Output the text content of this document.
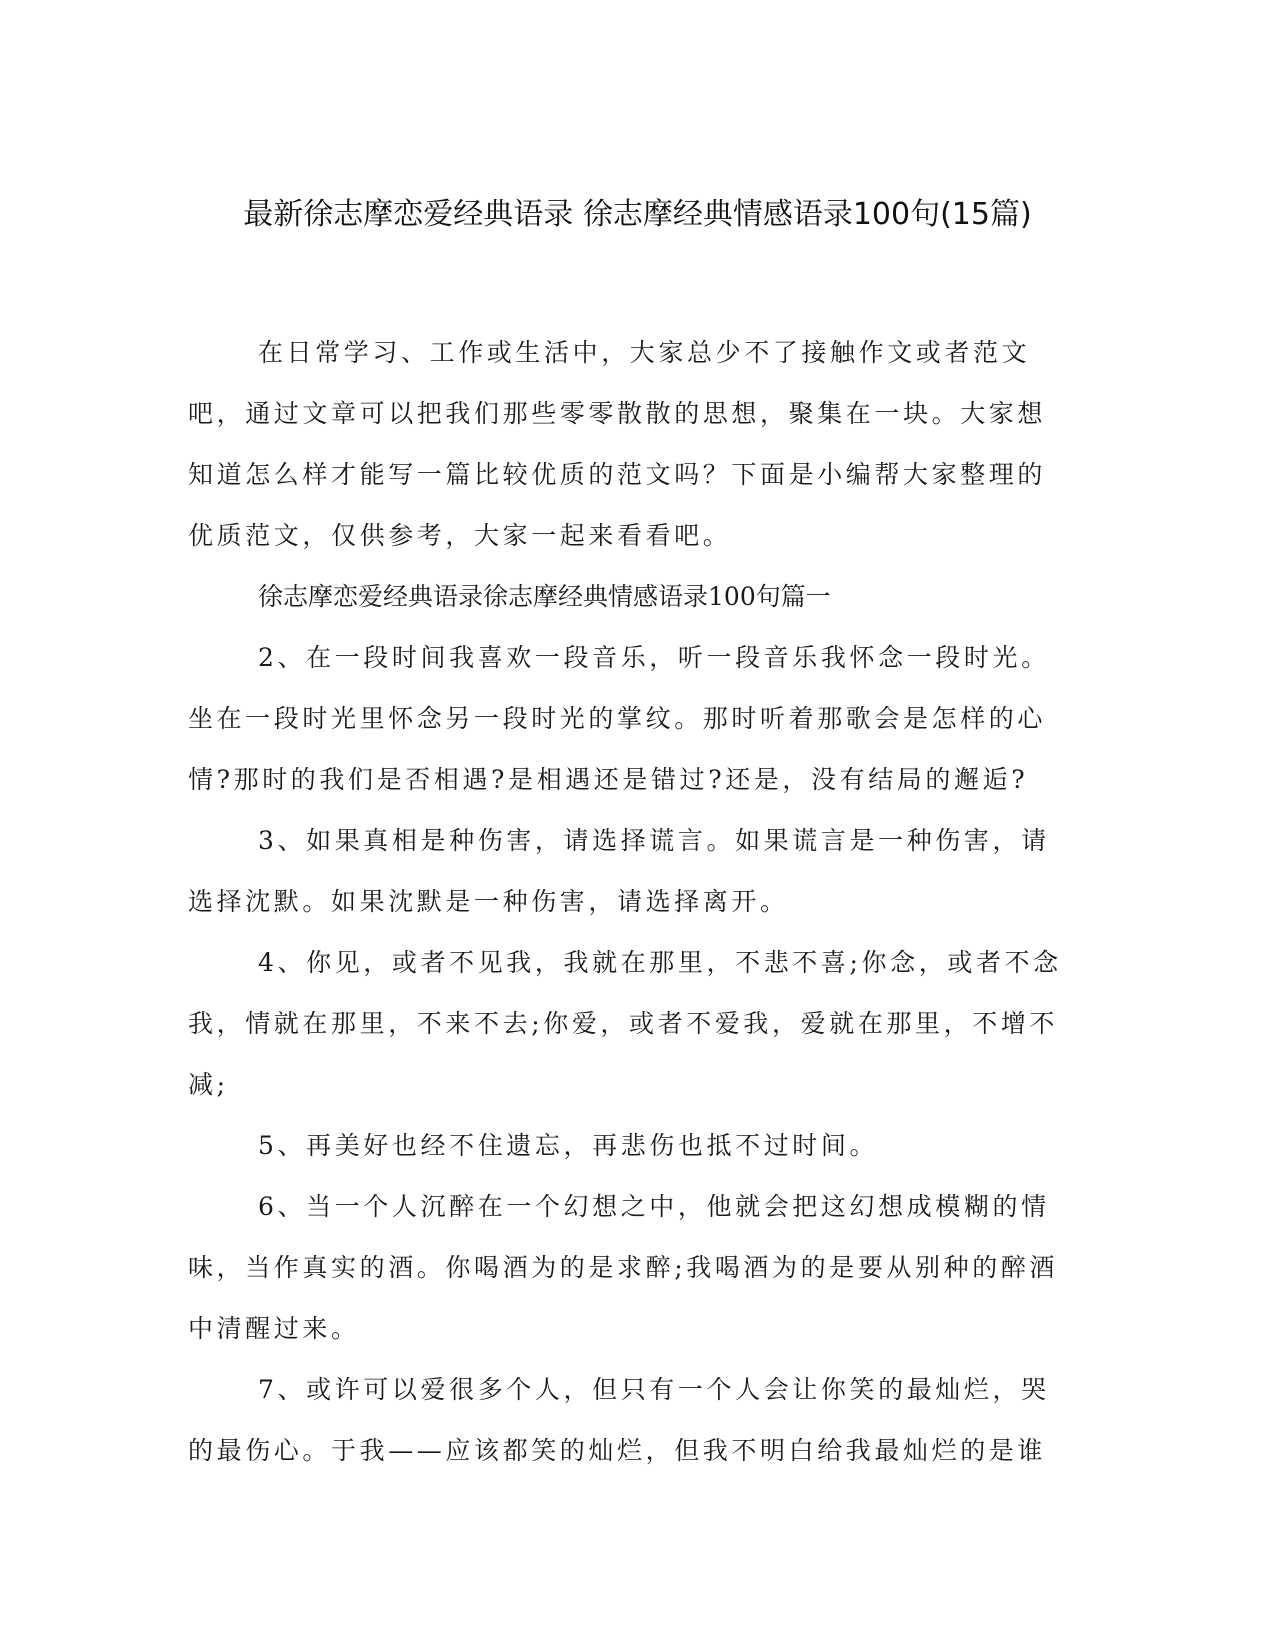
最新徐志摩恋爱经典语录 徐志摩经典情感语录100句(15篇)

在日常学习、工作或生活中，大家总少不了接触作文或者范文吧，通过文章可以把我们那些零零散散的思想，聚集在一块。大家想知道怎么样才能写一篇比较优质的范文吗？下面是小编帮大家整理的优质范文，仅供参考，大家一起来看看吧。

徐志摩恋爱经典语录徐志摩经典情感语录100句篇一

2、在一段时间我喜欢一段音乐，听一段音乐我怀念一段时光。坐在一段时光里怀念另一段时光的掌纹。那时听着那歌会是怎样的心情?那时的我们是否相遇?是相遇还是错过?还是，没有结局的邂逅?

3、如果真相是种伤害，请选择谎言。如果谎言是一种伤害，请选择沈默。如果沈默是一种伤害，请选择离开。

4、你见，或者不见我，我就在那里，不悲不喜;你念，或者不念我，情就在那里，不来不去;你爱，或者不爱我，爱就在那里，不增不减;

5、再美好也经不住遗忘，再悲伤也抵不过时间。

6、当一个人沉醉在一个幻想之中，他就会把这幻想成模糊的情味，当作真实的酒。你喝酒为的是求醉;我喝酒为的是要从别种的醉酒中清醒过来。

7、或许可以爱很多个人，但只有一个人会让你笑的最灿烂，哭的最伤心。于我——应该都笑的灿烂，但我不明白给我最灿烂的是谁
